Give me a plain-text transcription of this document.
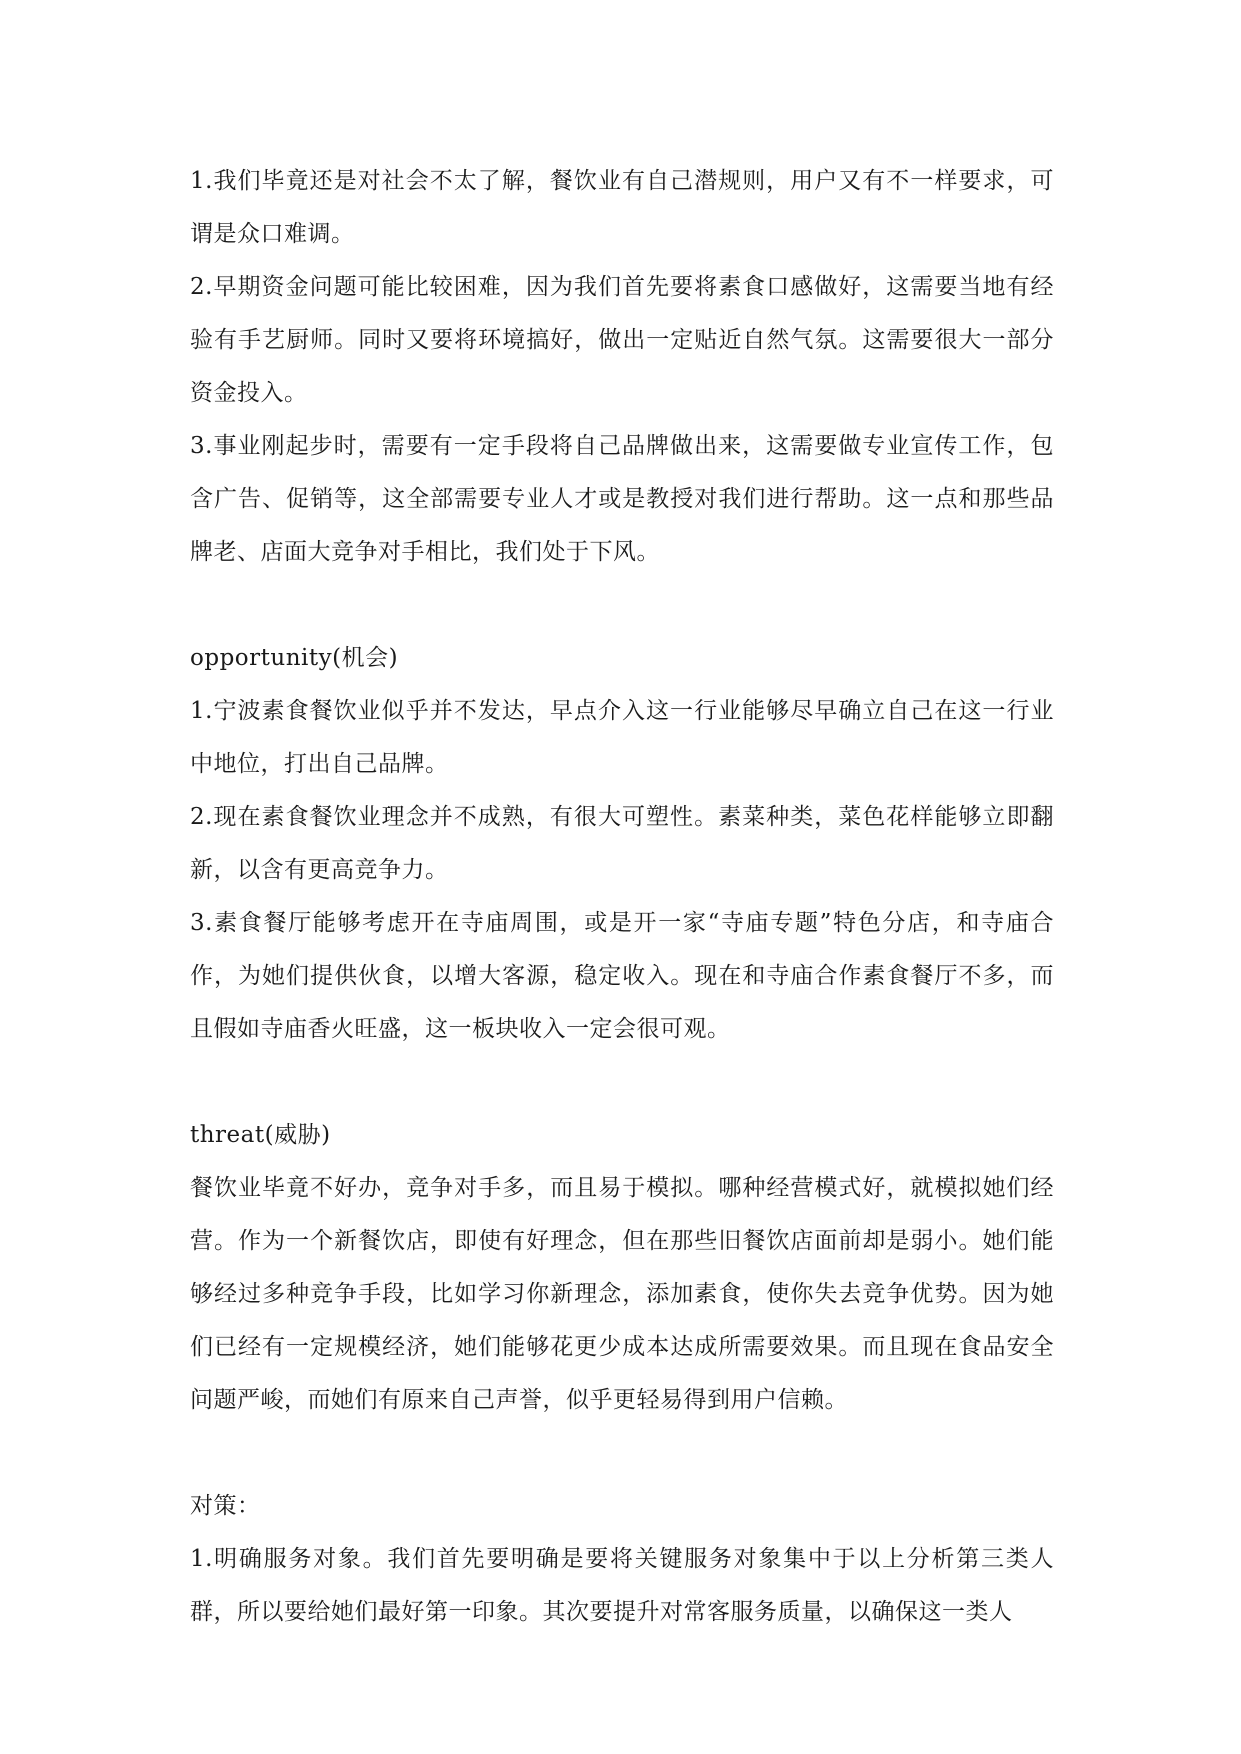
1.我们毕竟还是对社会不太了解，餐饮业有自己潜规则，用户又有不一样要求，可谓是众口难调。

2.早期资金问题可能比较困难，因为我们首先要将素食口感做好，这需要当地有经验有手艺厨师。同时又要将环境搞好，做出一定贴近自然气氛。这需要很大一部分资金投入。

3.事业刚起步时，需要有一定手段将自己品牌做出来，这需要做专业宣传工作，包含广告、促销等，这全部需要专业人才或是教授对我们进行帮助。这一点和那些品牌老、店面大竞争对手相比，我们处于下风。

opportunity(机会)

1.宁波素食餐饮业似乎并不发达，早点介入这一行业能够尽早确立自己在这一行业中地位，打出自己品牌。

2.现在素食餐饮业理念并不成熟，有很大可塑性。素菜种类，菜色花样能够立即翻新，以含有更高竞争力。

3.素食餐厅能够考虑开在寺庙周围，或是开一家“寺庙专题”特色分店，和寺庙合作，为她们提供伙食，以增大客源，稳定收入。现在和寺庙合作素食餐厅不多，而且假如寺庙香火旺盛，这一板块收入一定会很可观。

threat(威胁)

餐饮业毕竟不好办，竞争对手多，而且易于模拟。哪种经营模式好，就模拟她们经营。作为一个新餐饮店，即使有好理念，但在那些旧餐饮店面前却是弱小。她们能够经过多种竞争手段，比如学习你新理念，添加素食，使你失去竞争优势。因为她们已经有一定规模经济，她们能够花更少成本达成所需要效果。而且现在食品安全问题严峻，而她们有原来自己声誉，似乎更轻易得到用户信赖。

对策：

1.明确服务对象。我们首先要明确是要将关键服务对象集中于以上分析第三类人群，所以要给她们最好第一印象。其次要提升对常客服务质量，以确保这一类人
